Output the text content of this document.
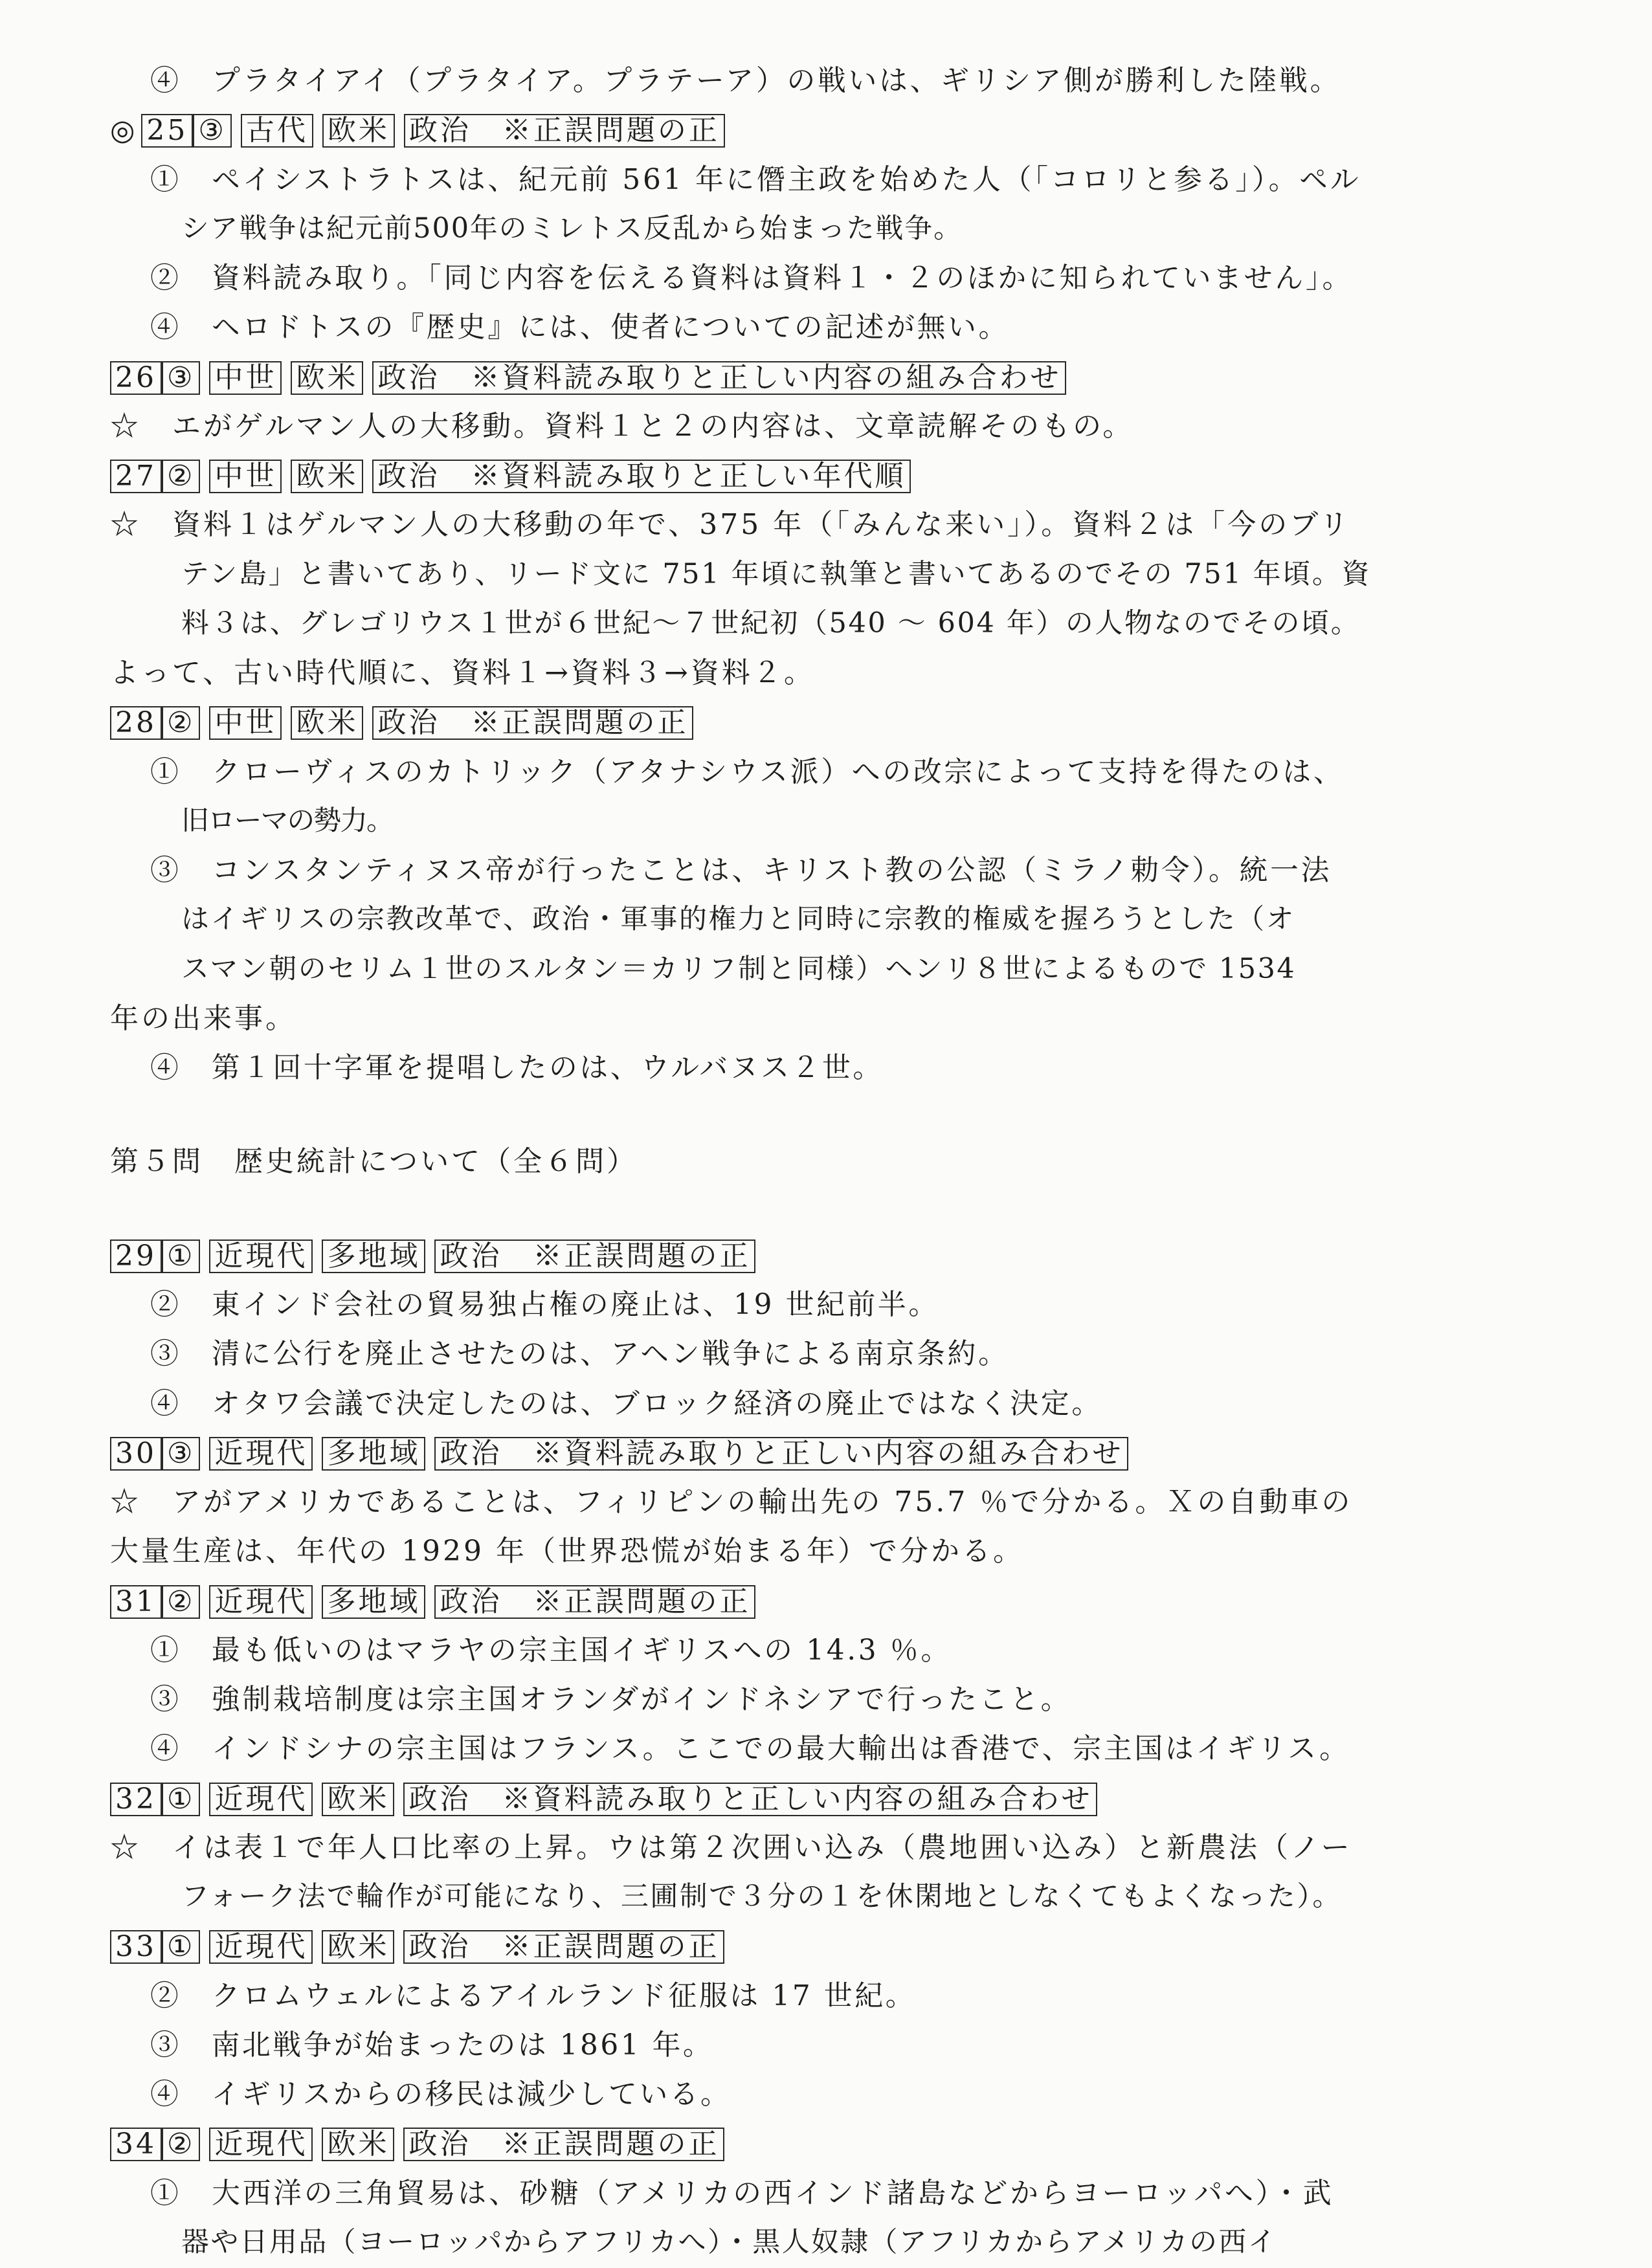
④　プラタイアイ（プラタイア。プラテーア）の戦いは、ギリシア側が勝利した陸戦。
◎ 25 ③ 古代 欧米 政治　※正誤問題の正
①　ペイシストラトスは、紀元前 561 年に僭主政を始めた人（「コロリと参る」）。ペル
シア戦争は紀元前500年のミレトス反乱から始まった戦争。
②　資料読み取り。「同じ内容を伝える資料は資料１・２のほかに知られていません」。
④　ヘロドトスの『歴史』には、使者についての記述が無い。
26 ③ 中世 欧米 政治　※資料読み取りと正しい内容の組み合わせ
☆　エがゲルマン人の大移動。資料１と２の内容は、文章読解そのもの。
27 ② 中世 欧米 政治　※資料読み取りと正しい年代順
☆　資料１はゲルマン人の大移動の年で、375 年（「みんな来い」）。資料２は「今のブリ
テン島」と書いてあり、リード文に 751 年頃に執筆と書いてあるのでその 751 年頃。資
料３は、グレゴリウス１世が６世紀～７世紀初（540 ～ 604 年）の人物なのでその頃。
よって、古い時代順に、資料１→資料３→資料２。
28 ② 中世 欧米 政治　※正誤問題の正
①　クローヴィスのカトリック（アタナシウス派）への改宗によって支持を得たのは、
旧ローマの勢力。
③　コンスタンティヌス帝が行ったことは、キリスト教の公認（ミラノ勅令）。統一法
はイギリスの宗教改革で、政治・軍事的権力と同時に宗教的権威を握ろうとした（オ
スマン朝のセリム１世のスルタン＝カリフ制と同様）ヘンリ８世によるもので 1534
年の出来事。
④　第１回十字軍を提唱したのは、ウルバヌス２世。
第５問　歴史統計について（全６問）
29 ① 近現代 多地域 政治　※正誤問題の正
②　東インド会社の貿易独占権の廃止は、19 世紀前半。
③　清に公行を廃止させたのは、アヘン戦争による南京条約。
④　オタワ会議で決定したのは、ブロック経済の廃止ではなく決定。
30 ③ 近現代 多地域 政治　※資料読み取りと正しい内容の組み合わせ
☆　アがアメリカであることは、フィリピンの輸出先の 75.7 ％で分かる。Ｘの自動車の
大量生産は、年代の 1929 年（世界恐慌が始まる年）で分かる。
31 ② 近現代 多地域 政治　※正誤問題の正
①　最も低いのはマラヤの宗主国イギリスへの 14.3 ％。
③　強制栽培制度は宗主国オランダがインドネシアで行ったこと。
④　インドシナの宗主国はフランス。ここでの最大輸出は香港で、宗主国はイギリス。
32 ① 近現代 欧米 政治　※資料読み取りと正しい内容の組み合わせ
☆　イは表１で年人口比率の上昇。ウは第２次囲い込み（農地囲い込み）と新農法（ノー
フォーク法で輪作が可能になり、三圃制で３分の１を休閑地としなくてもよくなった）。
33 ① 近現代 欧米 政治　※正誤問題の正
②　クロムウェルによるアイルランド征服は 17 世紀。
③　南北戦争が始まったのは 1861 年。
④　イギリスからの移民は減少している。
34 ② 近現代 欧米 政治　※正誤問題の正
①　大西洋の三角貿易は、砂糖（アメリカの西インド諸島などからヨーロッパへ）・武
器や日用品（ヨーロッパからアフリカへ）・黒人奴隷（アフリカからアメリカの西イ
